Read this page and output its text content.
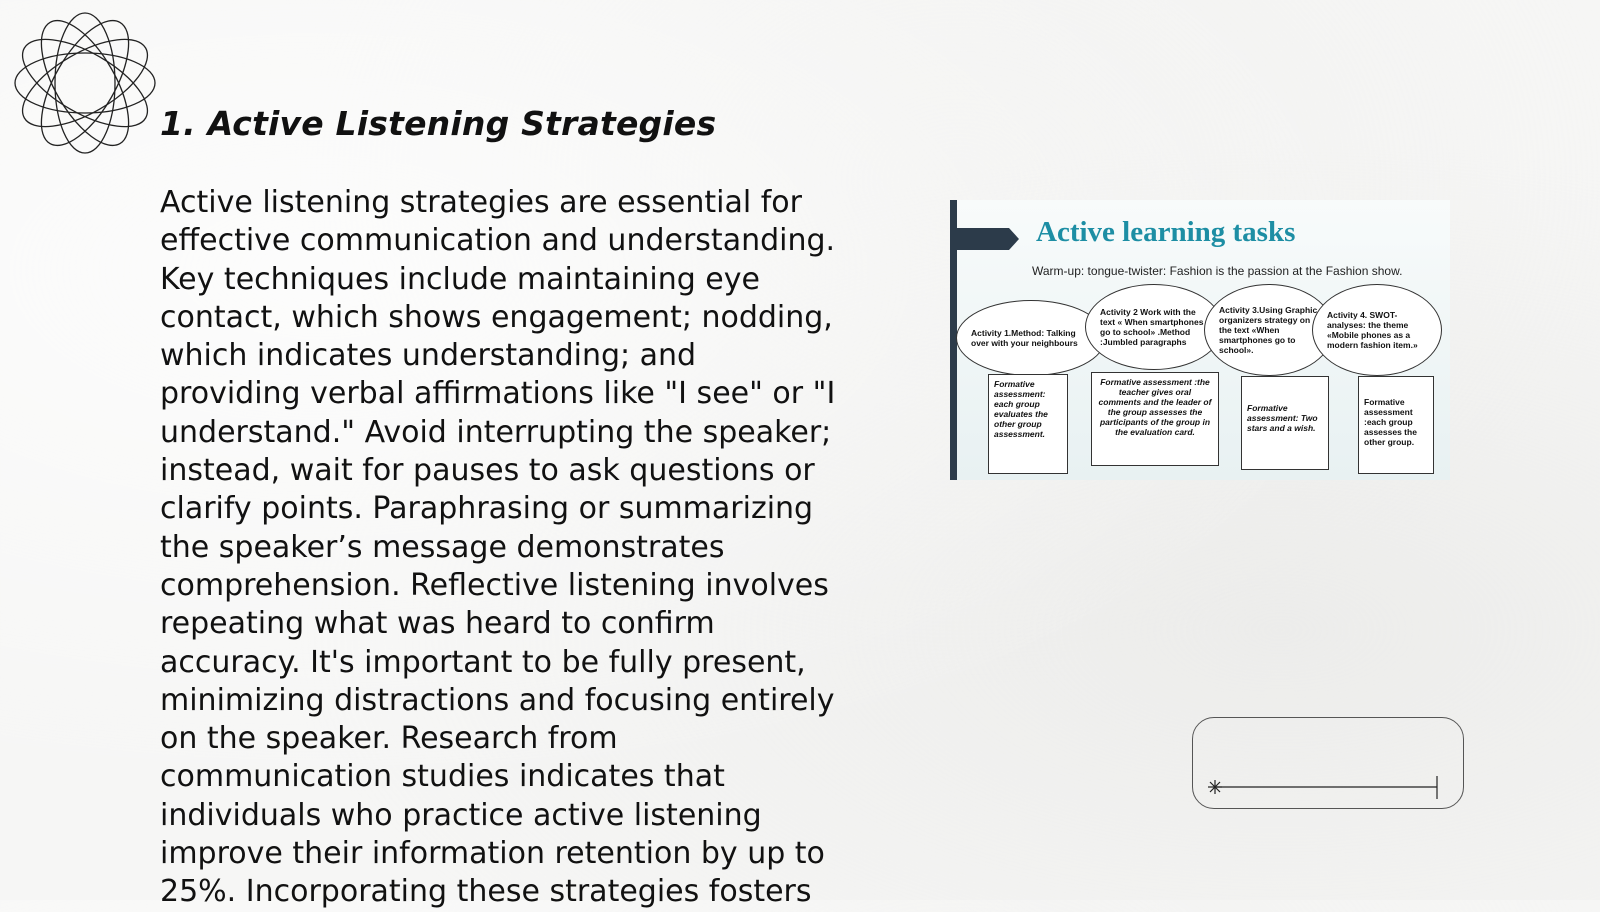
1. Active Listening Strategies

Active listening strategies are essential for effective communication and understanding. Key techniques include maintaining eye contact, which shows engagement; nodding, which indicates understanding; and providing verbal affirmations like "I see" or "I understand." Avoid interrupting the speaker; instead, wait for pauses to ask questions or clarify points. Paraphrasing or summarizing the speaker’s message demonstrates comprehension. Reflective listening involves repeating what was heard to confirm accuracy. It's important to be fully present, minimizing distractions and focusing entirely on the speaker. Research from communication studies indicates that individuals who practice active listening improve their information retention by up to 25%. Incorporating these strategies fosters

Active learning tasks
Warm-up: tongue-twister: Fashion is the passion at the Fashion show.
Activity 1.Method: Talking over with your neighbours
Activity 2 Work with the text « When smartphones go to school» .Method :Jumbled paragraphs
Activity 3.Using Graphic organizers strategy on the text «When smartphones go to school».
Activity 4. SWOT-analyses: the theme «Mobile phones as a modern fashion item.»
Formative assessment: each group evaluates the other group assessment.
Formative assessment :the teacher gives oral comments and the leader of the group assesses the participants of the group in the evaluation card.
Formative assessment: Two stars and a wish.
Formative assessment :each group assesses the other group.
